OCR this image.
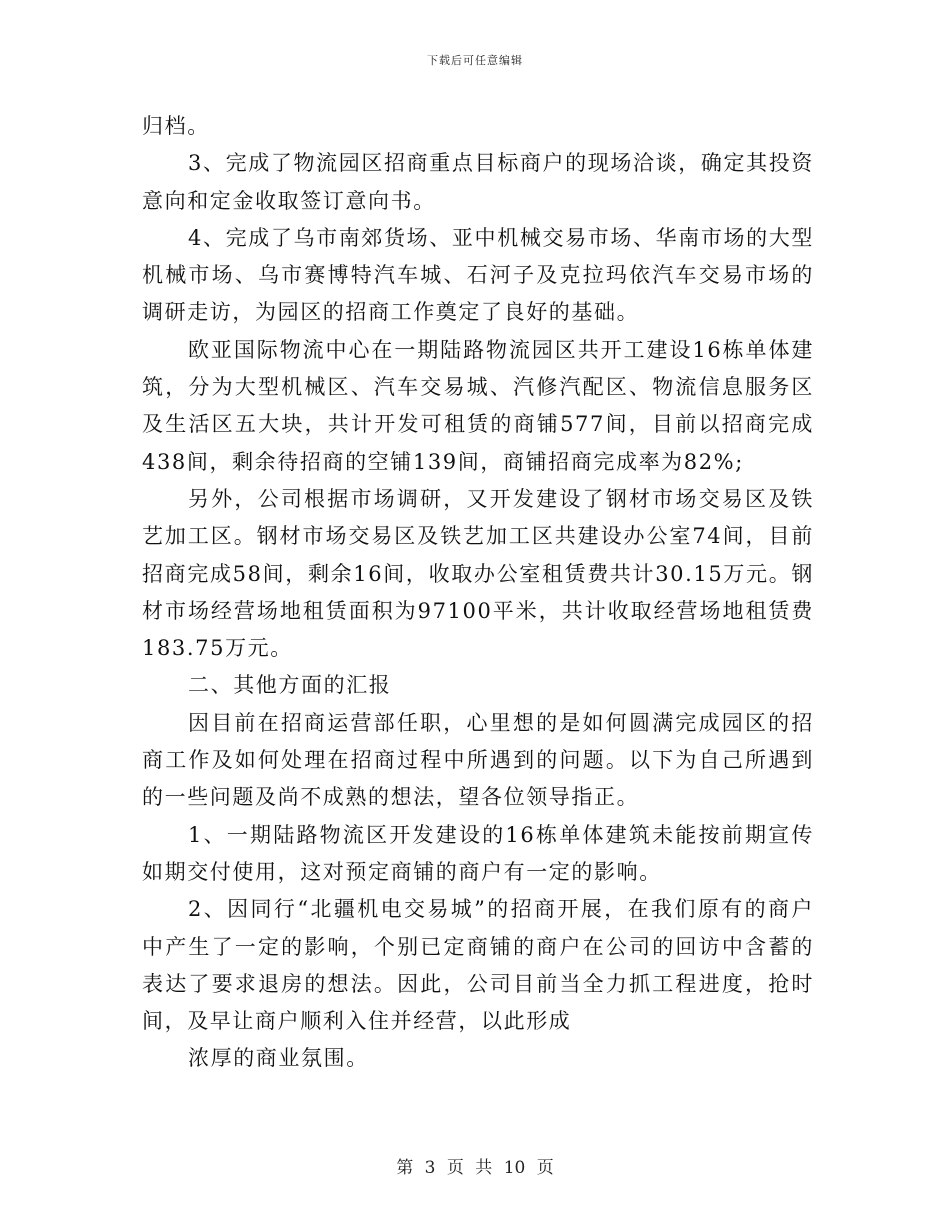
下载后可任意编辑

归档。

3、完成了物流园区招商重点目标商户的现场洽谈，确定其投资意向和定金收取签订意向书。

4、完成了乌市南郊货场、亚中机械交易市场、华南市场的大型机械市场、乌市赛博特汽车城、石河子及克拉玛依汽车交易市场的调研走访，为园区的招商工作奠定了良好的基础。

欧亚国际物流中心在一期陆路物流园区共开工建设16栋单体建筑，分为大型机械区、汽车交易城、汽修汽配区、物流信息服务区及生活区五大块，共计开发可租赁的商铺577间，目前以招商完成438间，剩余待招商的空铺139间，商铺招商完成率为82%;

另外，公司根据市场调研，又开发建设了钢材市场交易区及铁艺加工区。钢材市场交易区及铁艺加工区共建设办公室74间，目前招商完成58间，剩余16间，收取办公室租赁费共计30.15万元。钢材市场经营场地租赁面积为97100平米，共计收取经营场地租赁费183.75万元。

二、其他方面的汇报

因目前在招商运营部任职，心里想的是如何圆满完成园区的招商工作及如何处理在招商过程中所遇到的问题。以下为自己所遇到的一些问题及尚不成熟的想法，望各位领导指正。

1、一期陆路物流区开发建设的16栋单体建筑未能按前期宣传如期交付使用，这对预定商铺的商户有一定的影响。

2、因同行“北疆机电交易城”的招商开展，在我们原有的商户中产生了一定的影响，个别已定商铺的商户在公司的回访中含蓄的表达了要求退房的想法。因此，公司目前当全力抓工程进度，抢时间，及早让商户顺利入住并经营，以此形成

浓厚的商业氛围。

第 3 页 共 10 页
